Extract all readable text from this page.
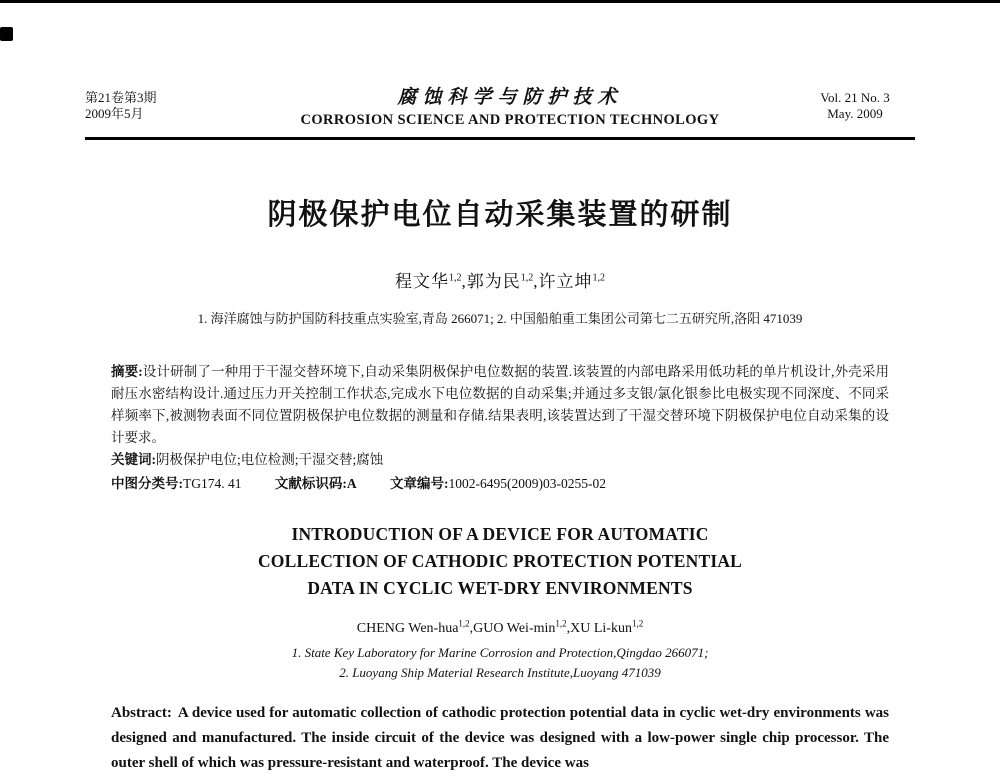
第21卷第3期
2009年5月
腐蚀科学与防护技术
CORROSION SCIENCE AND PROTECTION TECHNOLOGY
Vol. 21 No. 3
May. 2009
阴极保护电位自动采集装置的研制
程文华$^{1,2}$,郭为民$^{1,2}$,许立坤$^{1,2}$
1. 海洋腐蚀与防护国防科技重点实验室,青岛 266071; 2. 中国船舶重工集团公司第七二五研究所,洛阳 471039
摘要:设计研制了一种用于干湿交替环境下,自动采集阴极保护电位数据的装置.该装置的内部电路采用低功耗的单片机设计,外壳采用耐压水密结构设计.通过压力开关控制工作状态,完成水下电位数据的自动采集;并通过多支银/氯化银参比电极实现不同深度、不同采样频率下,被测物表面不同位置阴极保护电位数据的测量和存储.结果表明,该装置达到了干湿交替环境下阴极保护电位自动采集的设计要求。
关键词:阴极保护电位;电位检测;干湿交替;腐蚀
中图分类号:TG174. 41 文献标识码:A 文章编号:1002-6495(2009)03-0255-02
INTRODUCTION OF A DEVICE FOR AUTOMATIC
COLLECTION OF CATHODIC PROTECTION POTENTIAL
DATA IN CYCLIC WET-DRY ENVIRONMENTS
CHENG Wen-hua$^{1,2}$,GUO Wei-$\min^{1,2},XU$ Li-kun$^{1,2}$
1. State Key Laboratory for Marine Corrosion and Protection,Qingdao 266071;
2. Luoyang Ship Material Research Institute,Luoyang 471039
Abstract: A device used for automatic collection of cathodic protection potential data in cyclic wet-dry environments was designed and manufactured. The inside circuit of the device was designed with a low-power single chip processor. The outer shell of which was pressure-resistant and waterproof. The device was
